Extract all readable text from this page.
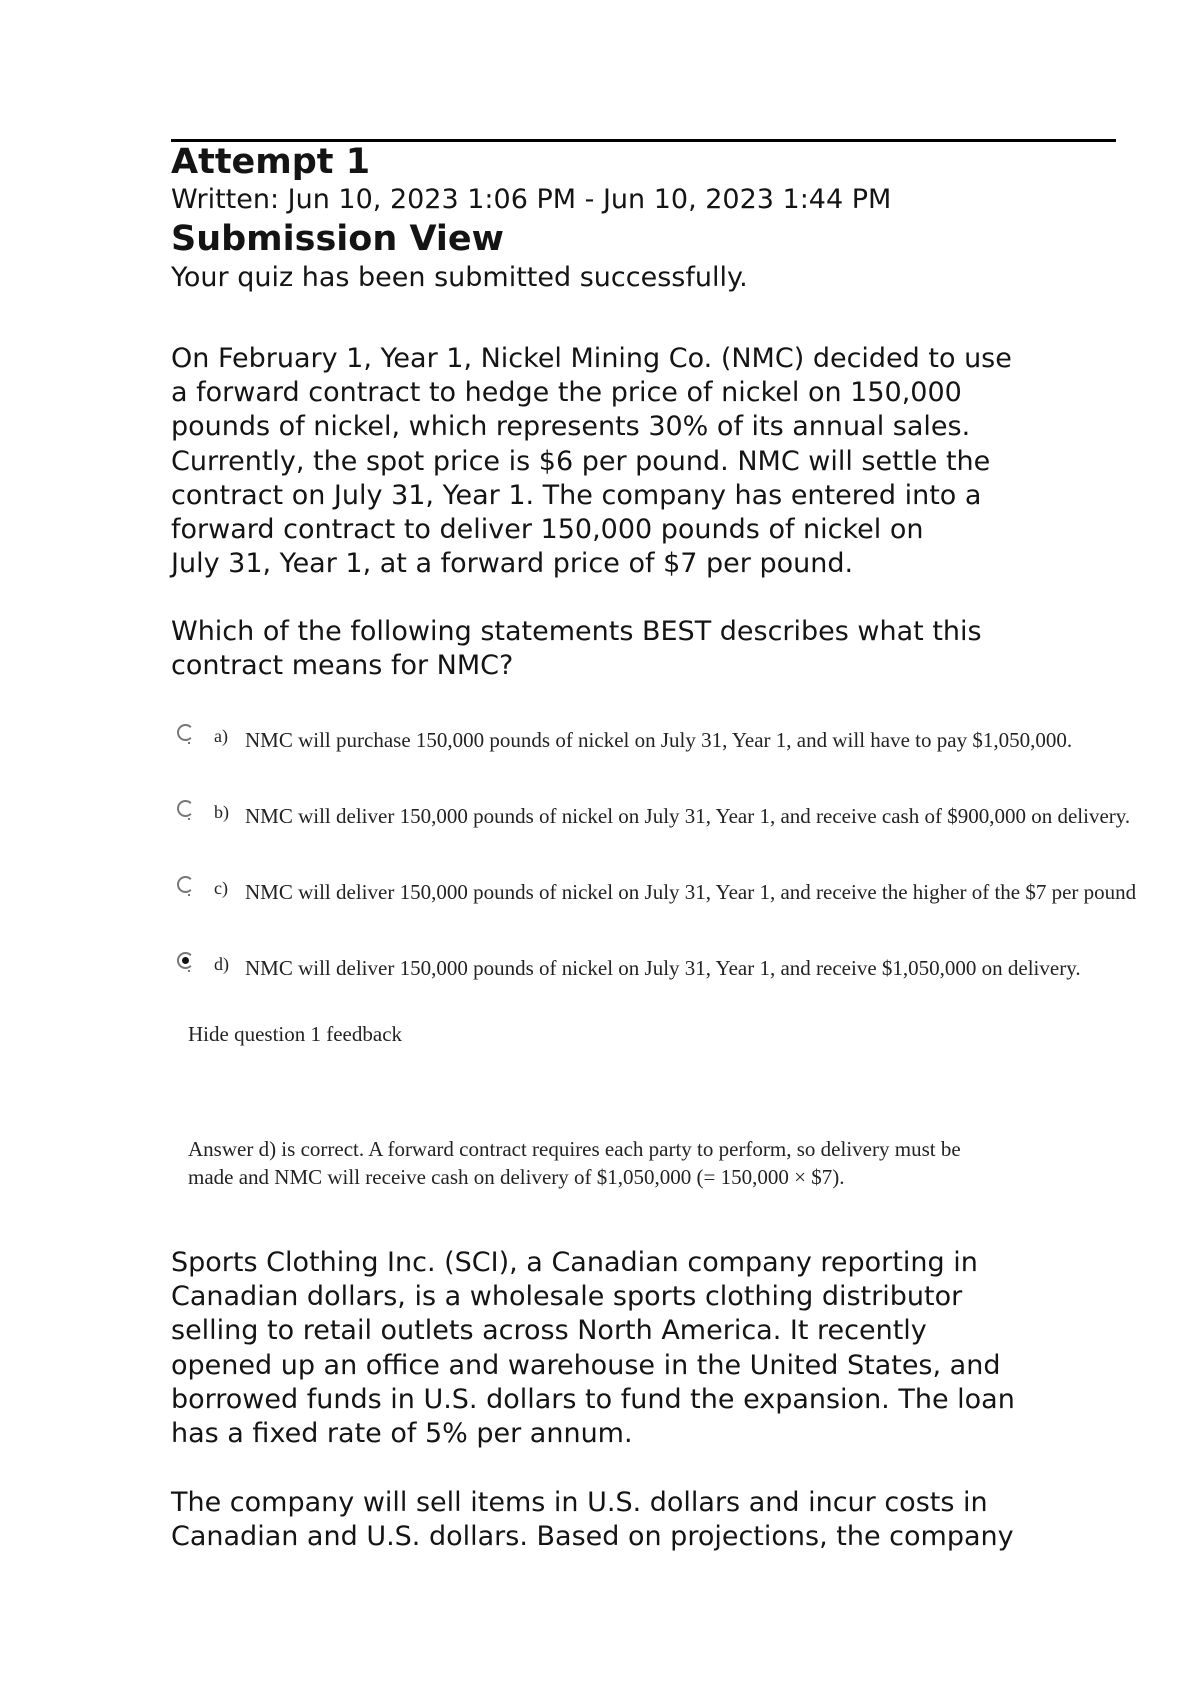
Attempt 1
Written: Jun 10, 2023 1:06 PM - Jun 10, 2023 1:44 PM
Submission View
Your quiz has been submitted successfully.
On February 1, Year 1, Nickel Mining Co. (NMC) decided to use
a forward contract to hedge the price of nickel on 150,000
pounds of nickel, which represents 30% of its annual sales.
Currently, the spot price is $6 per pound. NMC will settle the
contract on July 31, Year 1. The company has entered into a
forward contract to deliver 150,000 pounds of nickel on
July 31, Year 1, at a forward price of $7 per pound.
Which of the following statements BEST describes what this
contract means for NMC?
a) NMC will purchase 150,000 pounds of nickel on July 31, Year 1, and will have to pay $1,050,000.
b) NMC will deliver 150,000 pounds of nickel on July 31, Year 1, and receive cash of $900,000 on delivery.
c) NMC will deliver 150,000 pounds of nickel on July 31, Year 1, and receive the higher of the $7 per pound
d) NMC will deliver 150,000 pounds of nickel on July 31, Year 1, and receive $1,050,000 on delivery.
Hide question 1 feedback
Answer d) is correct. A forward contract requires each party to perform, so delivery must be
made and NMC will receive cash on delivery of $1,050,000 (= 150,000 × $7).
Sports Clothing Inc. (SCI), a Canadian company reporting in
Canadian dollars, is a wholesale sports clothing distributor
selling to retail outlets across North America. It recently
opened up an office and warehouse in the United States, and
borrowed funds in U.S. dollars to fund the expansion. The loan
has a fixed rate of 5% per annum.
The company will sell items in U.S. dollars and incur costs in
Canadian and U.S. dollars. Based on projections, the company
